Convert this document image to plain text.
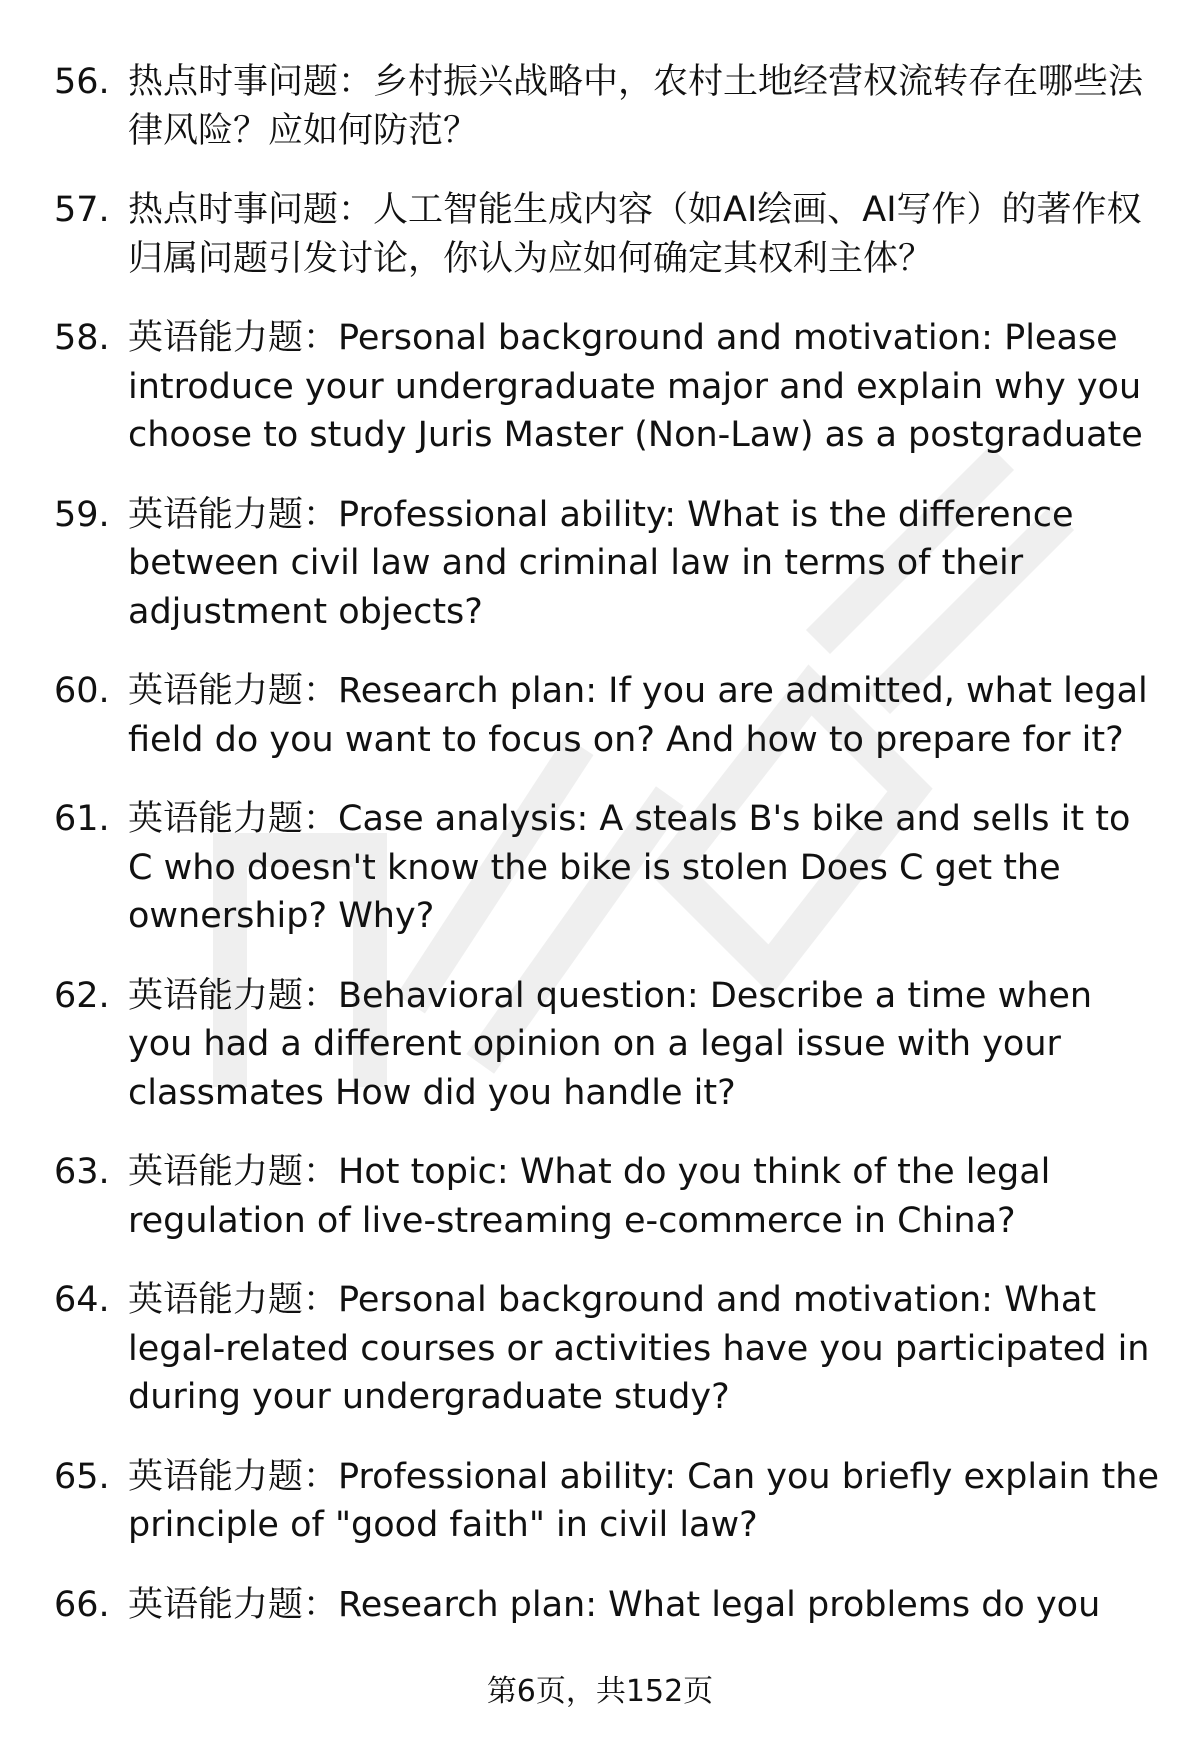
56. 热点时事问题：乡村振兴战略中，农村土地经营权流转存在哪些法律风险？应如何防范？
57. 热点时事问题：人工智能生成内容（如AI绘画、AI写作）的著作权归属问题引发讨论，你认为应如何确定其权利主体？
58. 英语能力题：Personal background and motivation: Please introduce your undergraduate major and explain why you choose to study Juris Master (Non-Law) as a postgraduate
59. 英语能力题：Professional ability: What is the difference between civil law and criminal law in terms of their adjustment objects?
60. 英语能力题：Research plan: If you are admitted, what legal field do you want to focus on? And how to prepare for it?
61. 英语能力题：Case analysis: A steals B's bike and sells it to C who doesn't know the bike is stolen Does C get the ownership? Why?
62. 英语能力题：Behavioral question: Describe a time when you had a different opinion on a legal issue with your classmates How did you handle it?
63. 英语能力题：Hot topic: What do you think of the legal regulation of live-streaming e-commerce in China?
64. 英语能力题：Personal background and motivation: What legal-related courses or activities have you participated in during your undergraduate study?
65. 英语能力题：Professional ability: Can you briefly explain the principle of "good faith" in civil law?
66. 英语能力题：Research plan: What legal problems do you
第6页，共152页
